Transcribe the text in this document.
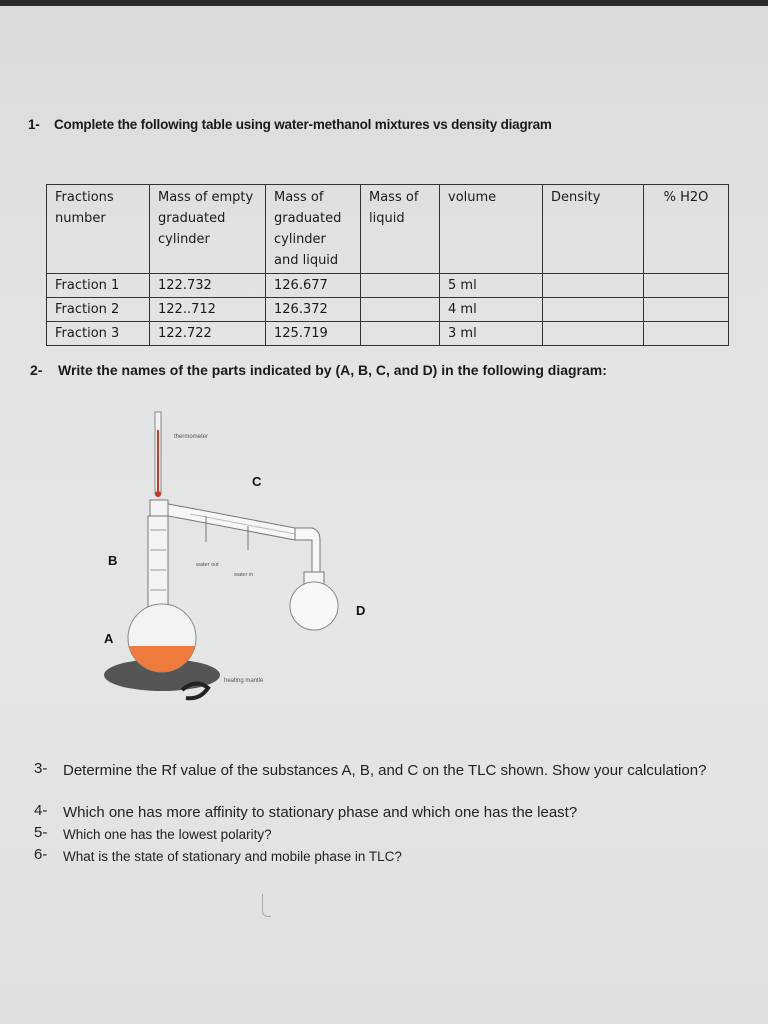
1- Complete the following table using water-methanol mixtures vs density diagram
Fractions number	Mass of empty graduated cylinder	Mass of graduated cylinder and liquid	Mass of liquid	volume	Density	% H2O
Fraction 1	122.732	126.677		5 ml		
Fraction 2	122..712	126.372		4 ml		
Fraction 3	122.722	125.719		3 ml		
2- Write the names of the parts indicated by (A, B, C, and D) in the following diagram:
thermometer
water out
water in
heating mantle
C
B
D
A
3- Determine the Rf value of the substances A, B, and C on the TLC shown. Show your calculation?
4- Which one has more affinity to stationary phase and which one has the least?
5- Which one has the lowest polarity?
6- What is the state of stationary and mobile phase in TLC?
